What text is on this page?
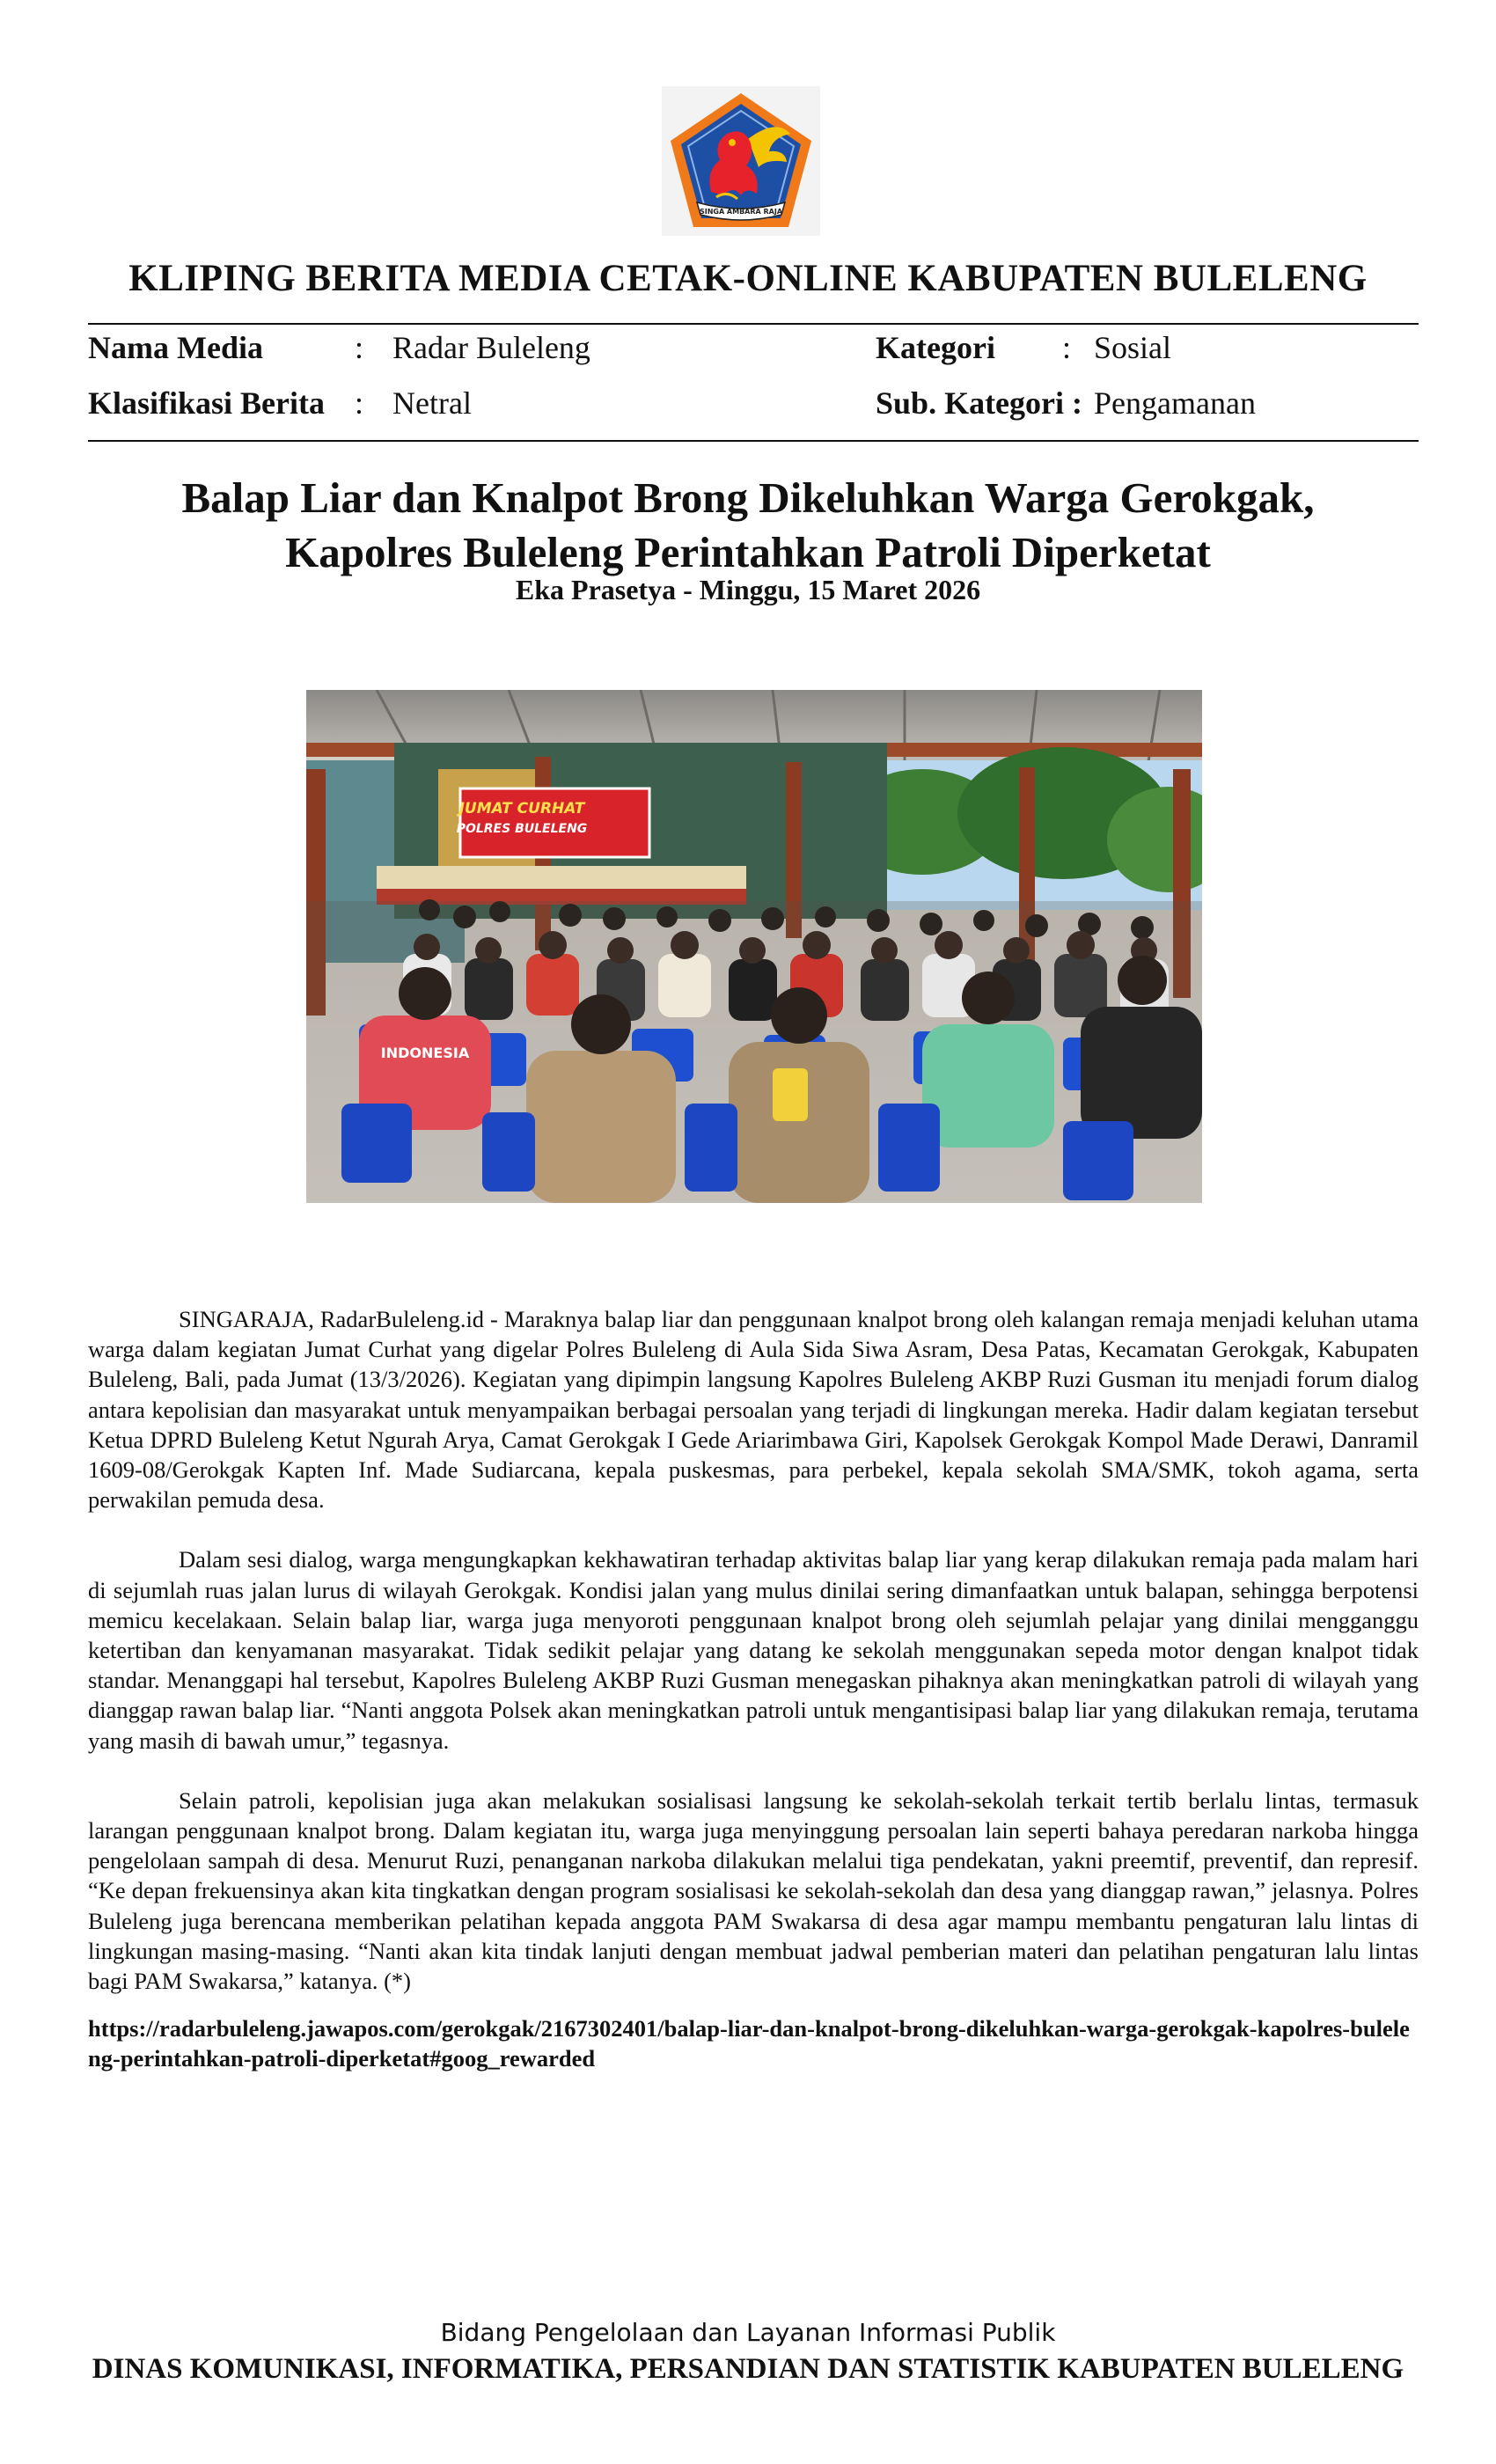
SINGA AMBARA RAJA
KLIPING BERITA MEDIA CETAK-ONLINE KABUPATEN BULELENG
Nama Media	: Radar Buleleng	Kategori : Sosial
Klasifikasi Berita : Netral	Sub. Kategori : Pengamanan
Balap Liar dan Knalpot Brong Dikeluhkan Warga Gerokgak,
Kapolres Buleleng Perintahkan Patroli Diperketat
Eka Prasetya - Minggu, 15 Maret 2026
JUMAT CURHAT
POLRES BULELENG
INDONESIA

SINGARAJA, RadarBuleleng.id - Maraknya balap liar dan penggunaan knalpot brong oleh kalangan remaja menjadi keluhan utama warga dalam kegiatan Jumat Curhat yang digelar Polres Buleleng di Aula Sida Siwa Asram, Desa Patas, Kecamatan Gerokgak, Kabupaten Buleleng, Bali, pada Jumat (13/3/2026). Kegiatan yang dipimpin langsung Kapolres Buleleng AKBP Ruzi Gusman itu menjadi forum dialog antara kepolisian dan masyarakat untuk menyampaikan berbagai persoalan yang terjadi di lingkungan mereka. Hadir dalam kegiatan tersebut Ketua DPRD Buleleng Ketut Ngurah Arya, Camat Gerokgak I Gede Ariarimbawa Giri, Kapolsek Gerokgak Kompol Made Derawi, Danramil 1609-08/Gerokgak Kapten Inf. Made Sudiarcana, kepala puskesmas, para perbekel, kepala sekolah SMA/SMK, tokoh agama, serta perwakilan pemuda desa.

Dalam sesi dialog, warga mengungkapkan kekhawatiran terhadap aktivitas balap liar yang kerap dilakukan remaja pada malam hari di sejumlah ruas jalan lurus di wilayah Gerokgak. Kondisi jalan yang mulus dinilai sering dimanfaatkan untuk balapan, sehingga berpotensi memicu kecelakaan. Selain balap liar, warga juga menyoroti penggunaan knalpot brong oleh sejumlah pelajar yang dinilai mengganggu ketertiban dan kenyamanan masyarakat. Tidak sedikit pelajar yang datang ke sekolah menggunakan sepeda motor dengan knalpot tidak standar. Menanggapi hal tersebut, Kapolres Buleleng AKBP Ruzi Gusman menegaskan pihaknya akan meningkatkan patroli di wilayah yang dianggap rawan balap liar. “Nanti anggota Polsek akan meningkatkan patroli untuk mengantisipasi balap liar yang dilakukan remaja, terutama yang masih di bawah umur,” tegasnya.

Selain patroli, kepolisian juga akan melakukan sosialisasi langsung ke sekolah-sekolah terkait tertib berlalu lintas, termasuk larangan penggunaan knalpot brong. Dalam kegiatan itu, warga juga menyinggung persoalan lain seperti bahaya peredaran narkoba hingga pengelolaan sampah di desa. Menurut Ruzi, penanganan narkoba dilakukan melalui tiga pendekatan, yakni preemtif, preventif, dan represif. “Ke depan frekuensinya akan kita tingkatkan dengan program sosialisasi ke sekolah-sekolah dan desa yang dianggap rawan,” jelasnya. Polres Buleleng juga berencana memberikan pelatihan kepada anggota PAM Swakarsa di desa agar mampu membantu pengaturan lalu lintas di lingkungan masing-masing. “Nanti akan kita tindak lanjuti dengan membuat jadwal pemberian materi dan pelatihan pengaturan lalu lintas bagi PAM Swakarsa,” katanya. (*)

https://radarbuleleng.jawapos.com/gerokgak/2167302401/balap-liar-dan-knalpot-brong-dikeluhkan-warga-gerokgak-kapolres-buleleng-perintahkan-patroli-diperketat#goog_rewarded
Bidang Pengelolaan dan Layanan Informasi Publik
DINAS KOMUNIKASI, INFORMATIKA, PERSANDIAN DAN STATISTIK KABUPATEN BULELENG
